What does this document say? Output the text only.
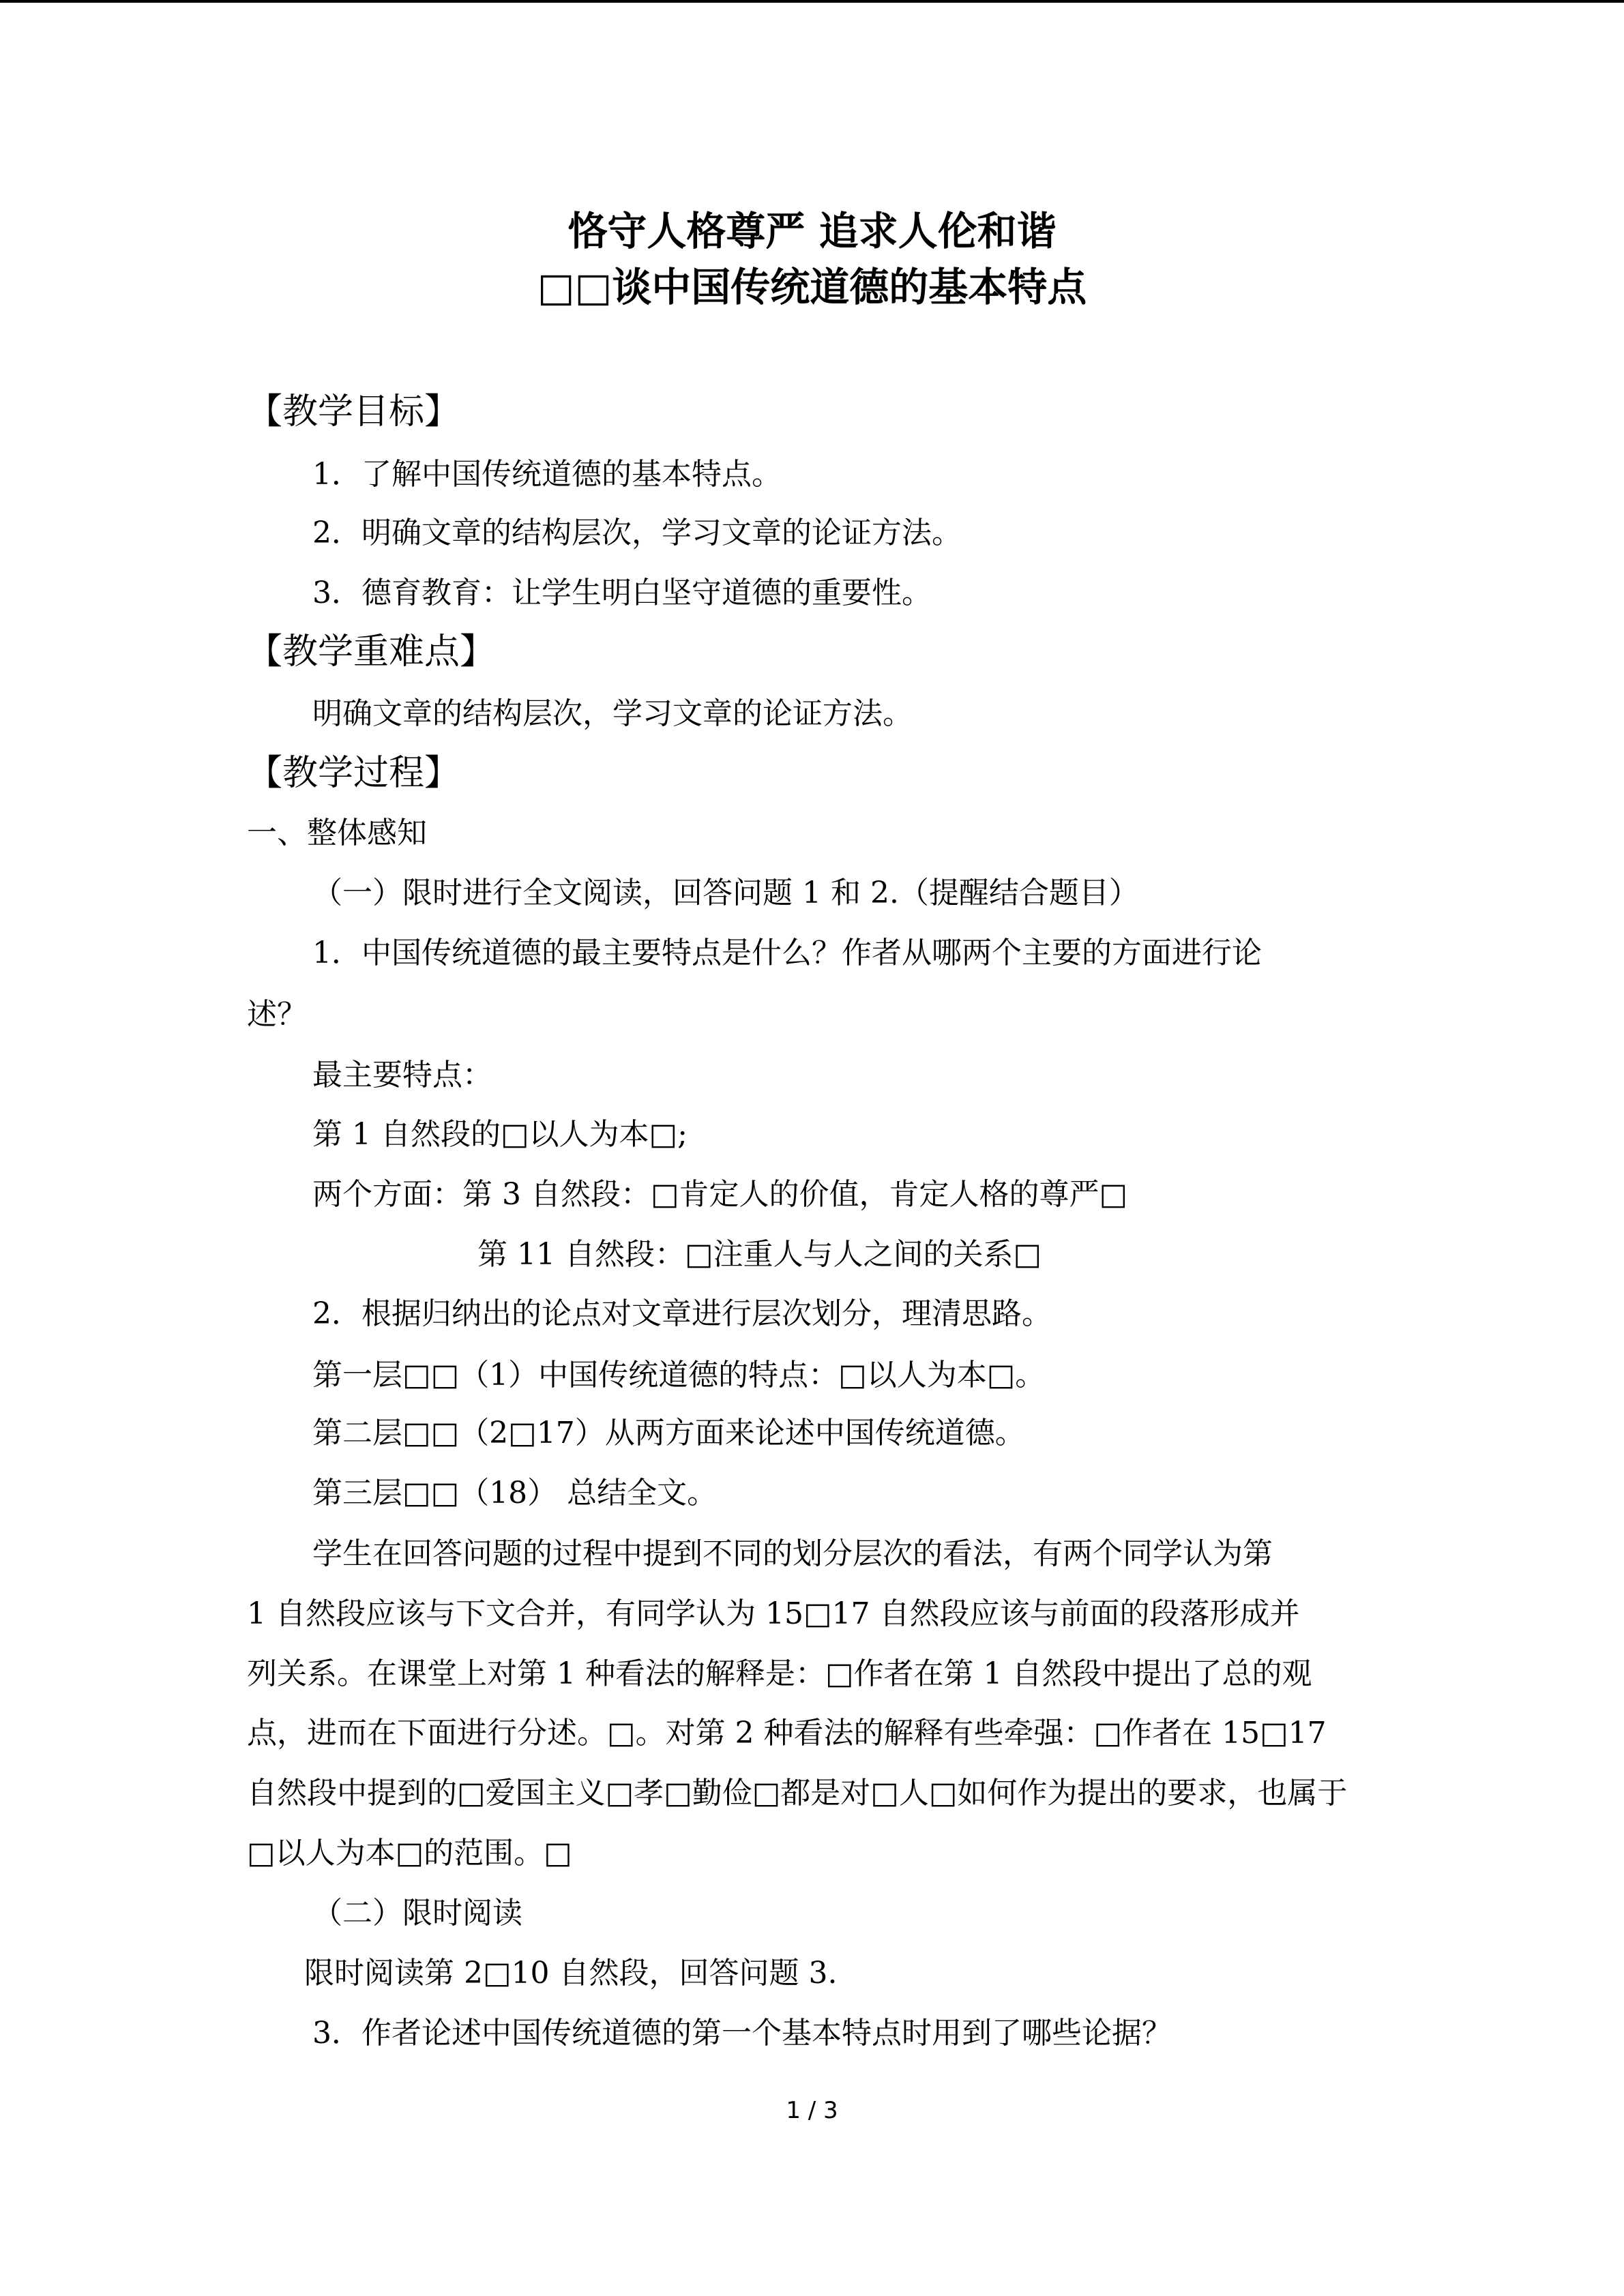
恪守人格尊严 追求人伦和谐
□□谈中国传统道德的基本特点
【教学目标】
1．了解中国传统道德的基本特点。
2．明确文章的结构层次，学习文章的论证方法。
3．德育教育：让学生明白坚守道德的重要性。
【教学重难点】
明确文章的结构层次，学习文章的论证方法。
【教学过程】
一、整体感知
（一）限时进行全文阅读，回答问题 1 和 2.（提醒结合题目）
1．中国传统道德的最主要特点是什么？作者从哪两个主要的方面进行论
述？
最主要特点：
第 1 自然段的□以人为本□;
两个方面：第 3 自然段：□肯定人的价值，肯定人格的尊严□
第 11 自然段：□注重人与人之间的关系□
2．根据归纳出的论点对文章进行层次划分，理清思路。
第一层□□（1）中国传统道德的特点：□以人为本□。
第二层□□（2□17）从两方面来论述中国传统道德。
第三层□□（18） 总结全文。
学生在回答问题的过程中提到不同的划分层次的看法，有两个同学认为第
1 自然段应该与下文合并，有同学认为 15□17 自然段应该与前面的段落形成并
列关系。在课堂上对第 1 种看法的解释是：□作者在第 1 自然段中提出了总的观
点，进而在下面进行分述。□。对第 2 种看法的解释有些牵强：□作者在 15□17
自然段中提到的□爱国主义□孝□勤俭□都是对□人□如何作为提出的要求，也属于
□以人为本□的范围。□
（二）限时阅读
限时阅读第 2□10 自然段，回答问题 3.
3．作者论述中国传统道德的第一个基本特点时用到了哪些论据？
1 / 3
